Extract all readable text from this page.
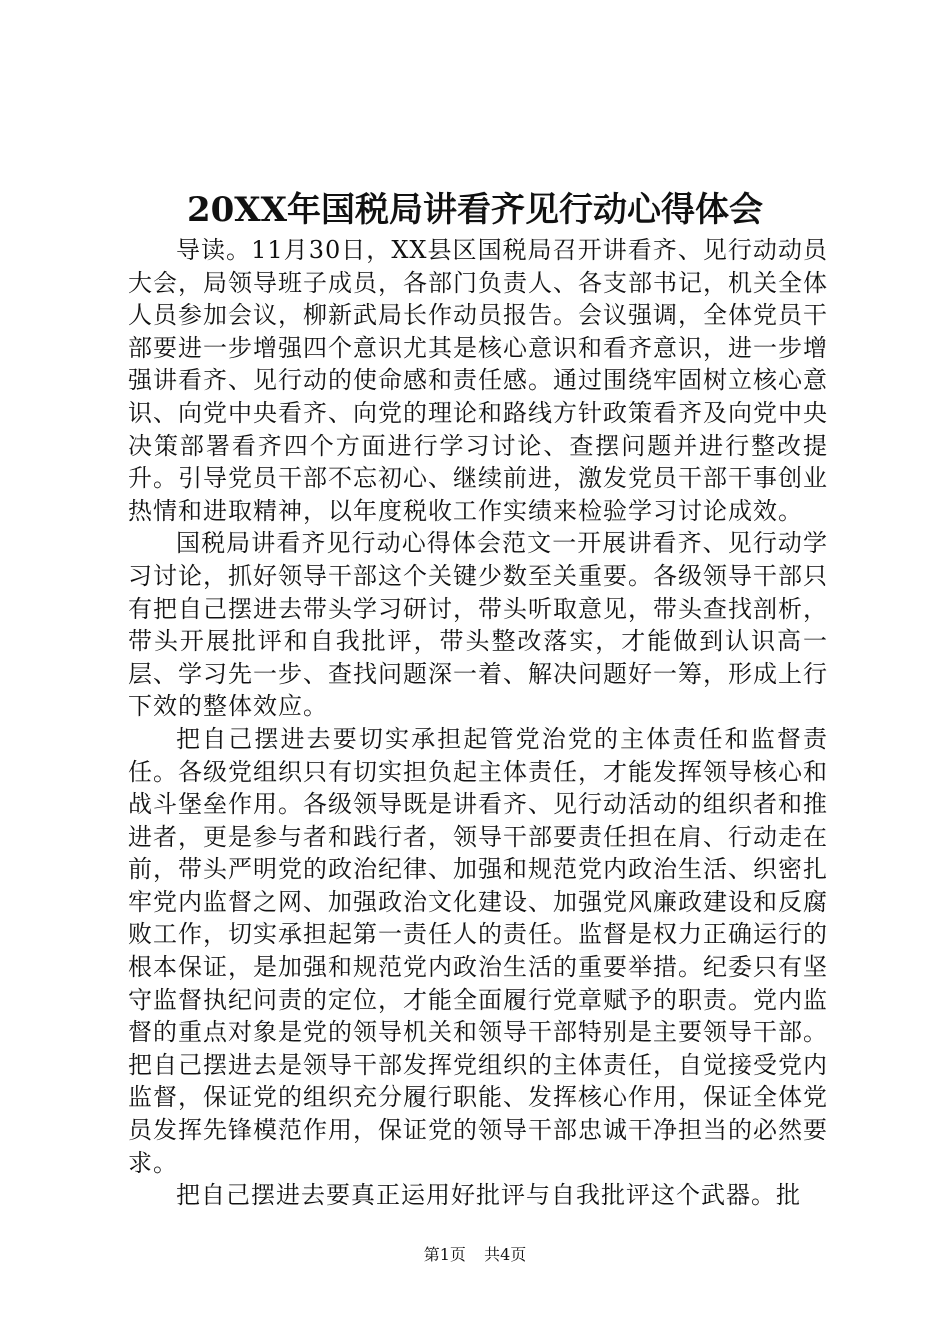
20XX年国税局讲看齐见行动心得体会

导读。11月30日，XX县区国税局召开讲看齐、见行动动员大会，局领导班子成员，各部门负责人、各支部书记，机关全体人员参加会议，柳新武局长作动员报告。会议强调，全体党员干部要进一步增强四个意识尤其是核心意识和看齐意识，进一步增强讲看齐、见行动的使命感和责任感。通过围绕牢固树立核心意识、向党中央看齐、向党的理论和路线方针政策看齐及向党中央决策部署看齐四个方面进行学习讨论、查摆问题并进行整改提升。引导党员干部不忘初心、继续前进，激发党员干部干事创业热情和进取精神，以年度税收工作实绩来检验学习讨论成效。

国税局讲看齐见行动心得体会范文一开展讲看齐、见行动学习讨论，抓好领导干部这个关键少数至关重要。各级领导干部只有把自己摆进去带头学习研讨，带头听取意见，带头查找剖析，带头开展批评和自我批评，带头整改落实，才能做到认识高一层、学习先一步、查找问题深一着、解决问题好一筹，形成上行下效的整体效应。

把自己摆进去要切实承担起管党治党的主体责任和监督责任。各级党组织只有切实担负起主体责任，才能发挥领导核心和战斗堡垒作用。各级领导既是讲看齐、见行动活动的组织者和推进者，更是参与者和践行者，领导干部要责任担在肩、行动走在前，带头严明党的政治纪律、加强和规范党内政治生活、织密扎牢党内监督之网、加强政治文化建设、加强党风廉政建设和反腐败工作，切实承担起第一责任人的责任。监督是权力正确运行的根本保证，是加强和规范党内政治生活的重要举措。纪委只有坚守监督执纪问责的定位，才能全面履行党章赋予的职责。党内监督的重点对象是党的领导机关和领导干部特别是主要领导干部。把自己摆进去是领导干部发挥党组织的主体责任，自觉接受党内监督，保证党的组织充分履行职能、发挥核心作用，保证全体党员发挥先锋模范作用，保证党的领导干部忠诚干净担当的必然要求。

把自己摆进去要真正运用好批评与自我批评这个武器。批

第1页 共4页
